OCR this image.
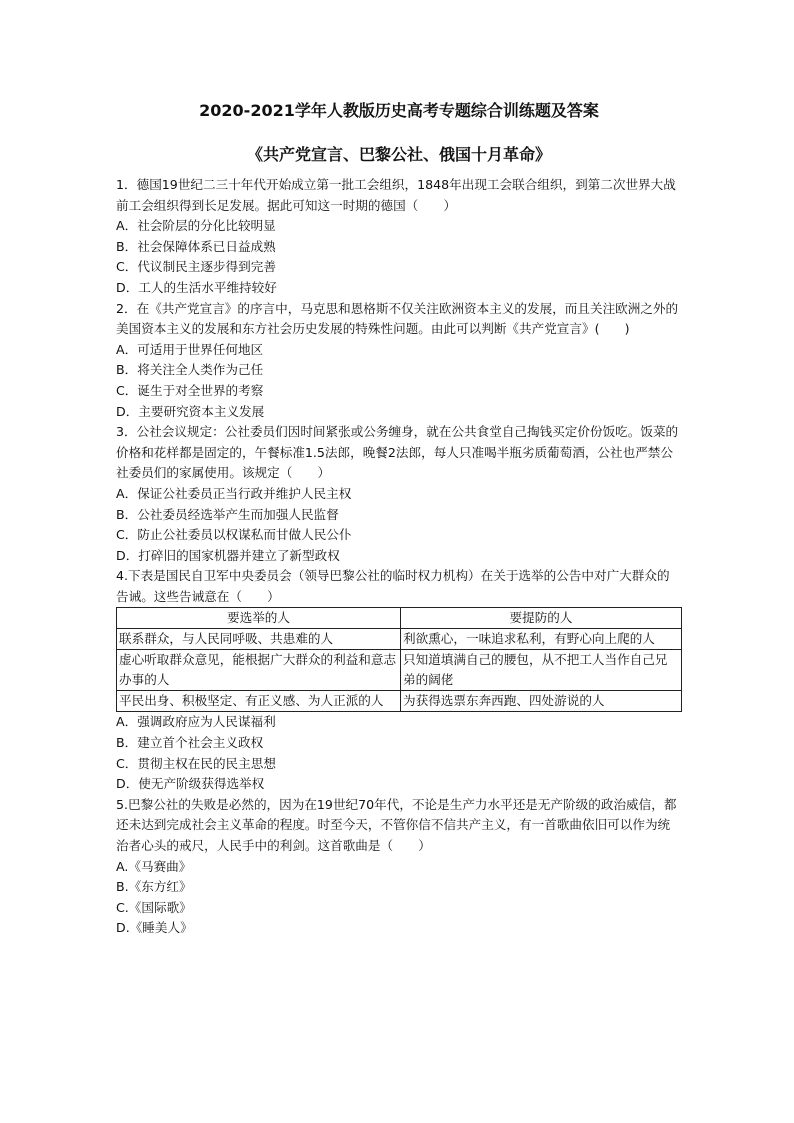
2020-2021学年人教版历史高考专题综合训练题及答案
《共产党宣言、巴黎公社、俄国十月革命》

1．德国19世纪二三十年代开始成立第一批工会组织，1848年出现工会联合组织，到第二次世界大战前工会组织得到长足发展。据此可知这一时期的德国（　　）

A．社会阶层的分化比较明显

B．社会保障体系已日益成熟

C．代议制民主逐步得到完善

D．工人的生活水平维持较好

2．在《共产党宣言》的序言中，马克思和恩格斯不仅关注欧洲资本主义的发展，而且关注欧洲之外的美国资本主义的发展和东方社会历史发展的特殊性问题。由此可以判断《共产党宣言》(　　)

A．可适用于世界任何地区

B．将关注全人类作为己任

C．诞生于对全世界的考察

D．主要研究资本主义发展

3．公社会议规定：公社委员们因时间紧张或公务缠身，就在公共食堂自己掏钱买定价份饭吃。饭菜的价格和花样都是固定的，午餐标准1.5法郎，晚餐2法郎，每人只准喝半瓶劣质葡萄酒，公社也严禁公社委员们的家属使用。该规定（　　）

A．保证公社委员正当行政并维护人民主权

B．公社委员经选举产生而加强人民监督

C．防止公社委员以权谋私而甘做人民公仆

D．打碎旧的国家机器并建立了新型政权

4.下表是国民自卫军中央委员会（领导巴黎公社的临时权力机构）在关于选举的公告中对广大群众的告诫。这些告诫意在（　　）

要选举的人	要提防的人
联系群众，与人民同呼吸、共患难的人	利欲熏心，一味追求私利，有野心向上爬的人
虚心听取群众意见，能根据广大群众的利益和意志办事的人	只知道填满自己的腰包，从不把工人当作自己兄弟的阔佬
平民出身、积极坚定、有正义感、为人正派的人	为获得选票东奔西跑、四处游说的人

A．强调政府应为人民谋福利

B．建立首个社会主义政权

C．贯彻主权在民的民主思想

D．使无产阶级获得选举权

5.巴黎公社的失败是必然的，因为在19世纪70年代，不论是生产力水平还是无产阶级的政治威信，都还未达到完成社会主义革命的程度。时至今天，不管你信不信共产主义，有一首歌曲依旧可以作为统治者心头的戒尺，人民手中的利剑。这首歌曲是（　　）

A.《马赛曲》

B.《东方红》

C.《国际歌》

D.《睡美人》
